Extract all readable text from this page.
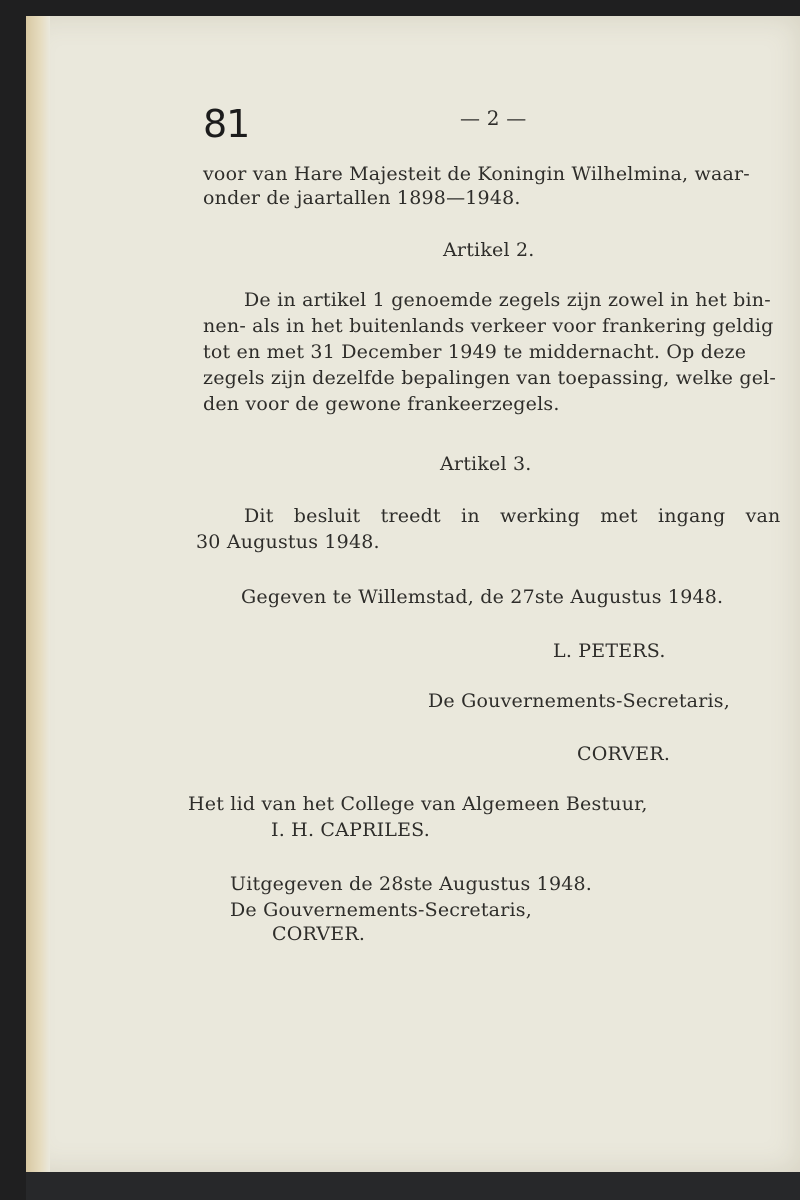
81	— 2 —
voor van Hare Majesteit de Koningin Wilhelmina, waar-
onder de jaartallen 1898—1948.
Artikel 2.
De in artikel 1 genoemde zegels zijn zowel in het bin-
nen- als in het buitenlands verkeer voor frankering geldig
tot en met 31 December 1949 te middernacht. Op deze
zegels zijn dezelfde bepalingen van toepassing, welke gel-
den voor de gewone frankeerzegels.
Artikel 3.
Dit besluit treedt in werking met ingang van
30 Augustus 1948.
Gegeven te Willemstad, de 27ste Augustus 1948.
L. PETERS.
De Gouvernements-Secretaris,
CORVER.
Het lid van het College van Algemeen Bestuur,
I. H. CAPRILES.
Uitgegeven de 28ste Augustus 1948.
De Gouvernements-Secretaris,
CORVER.
